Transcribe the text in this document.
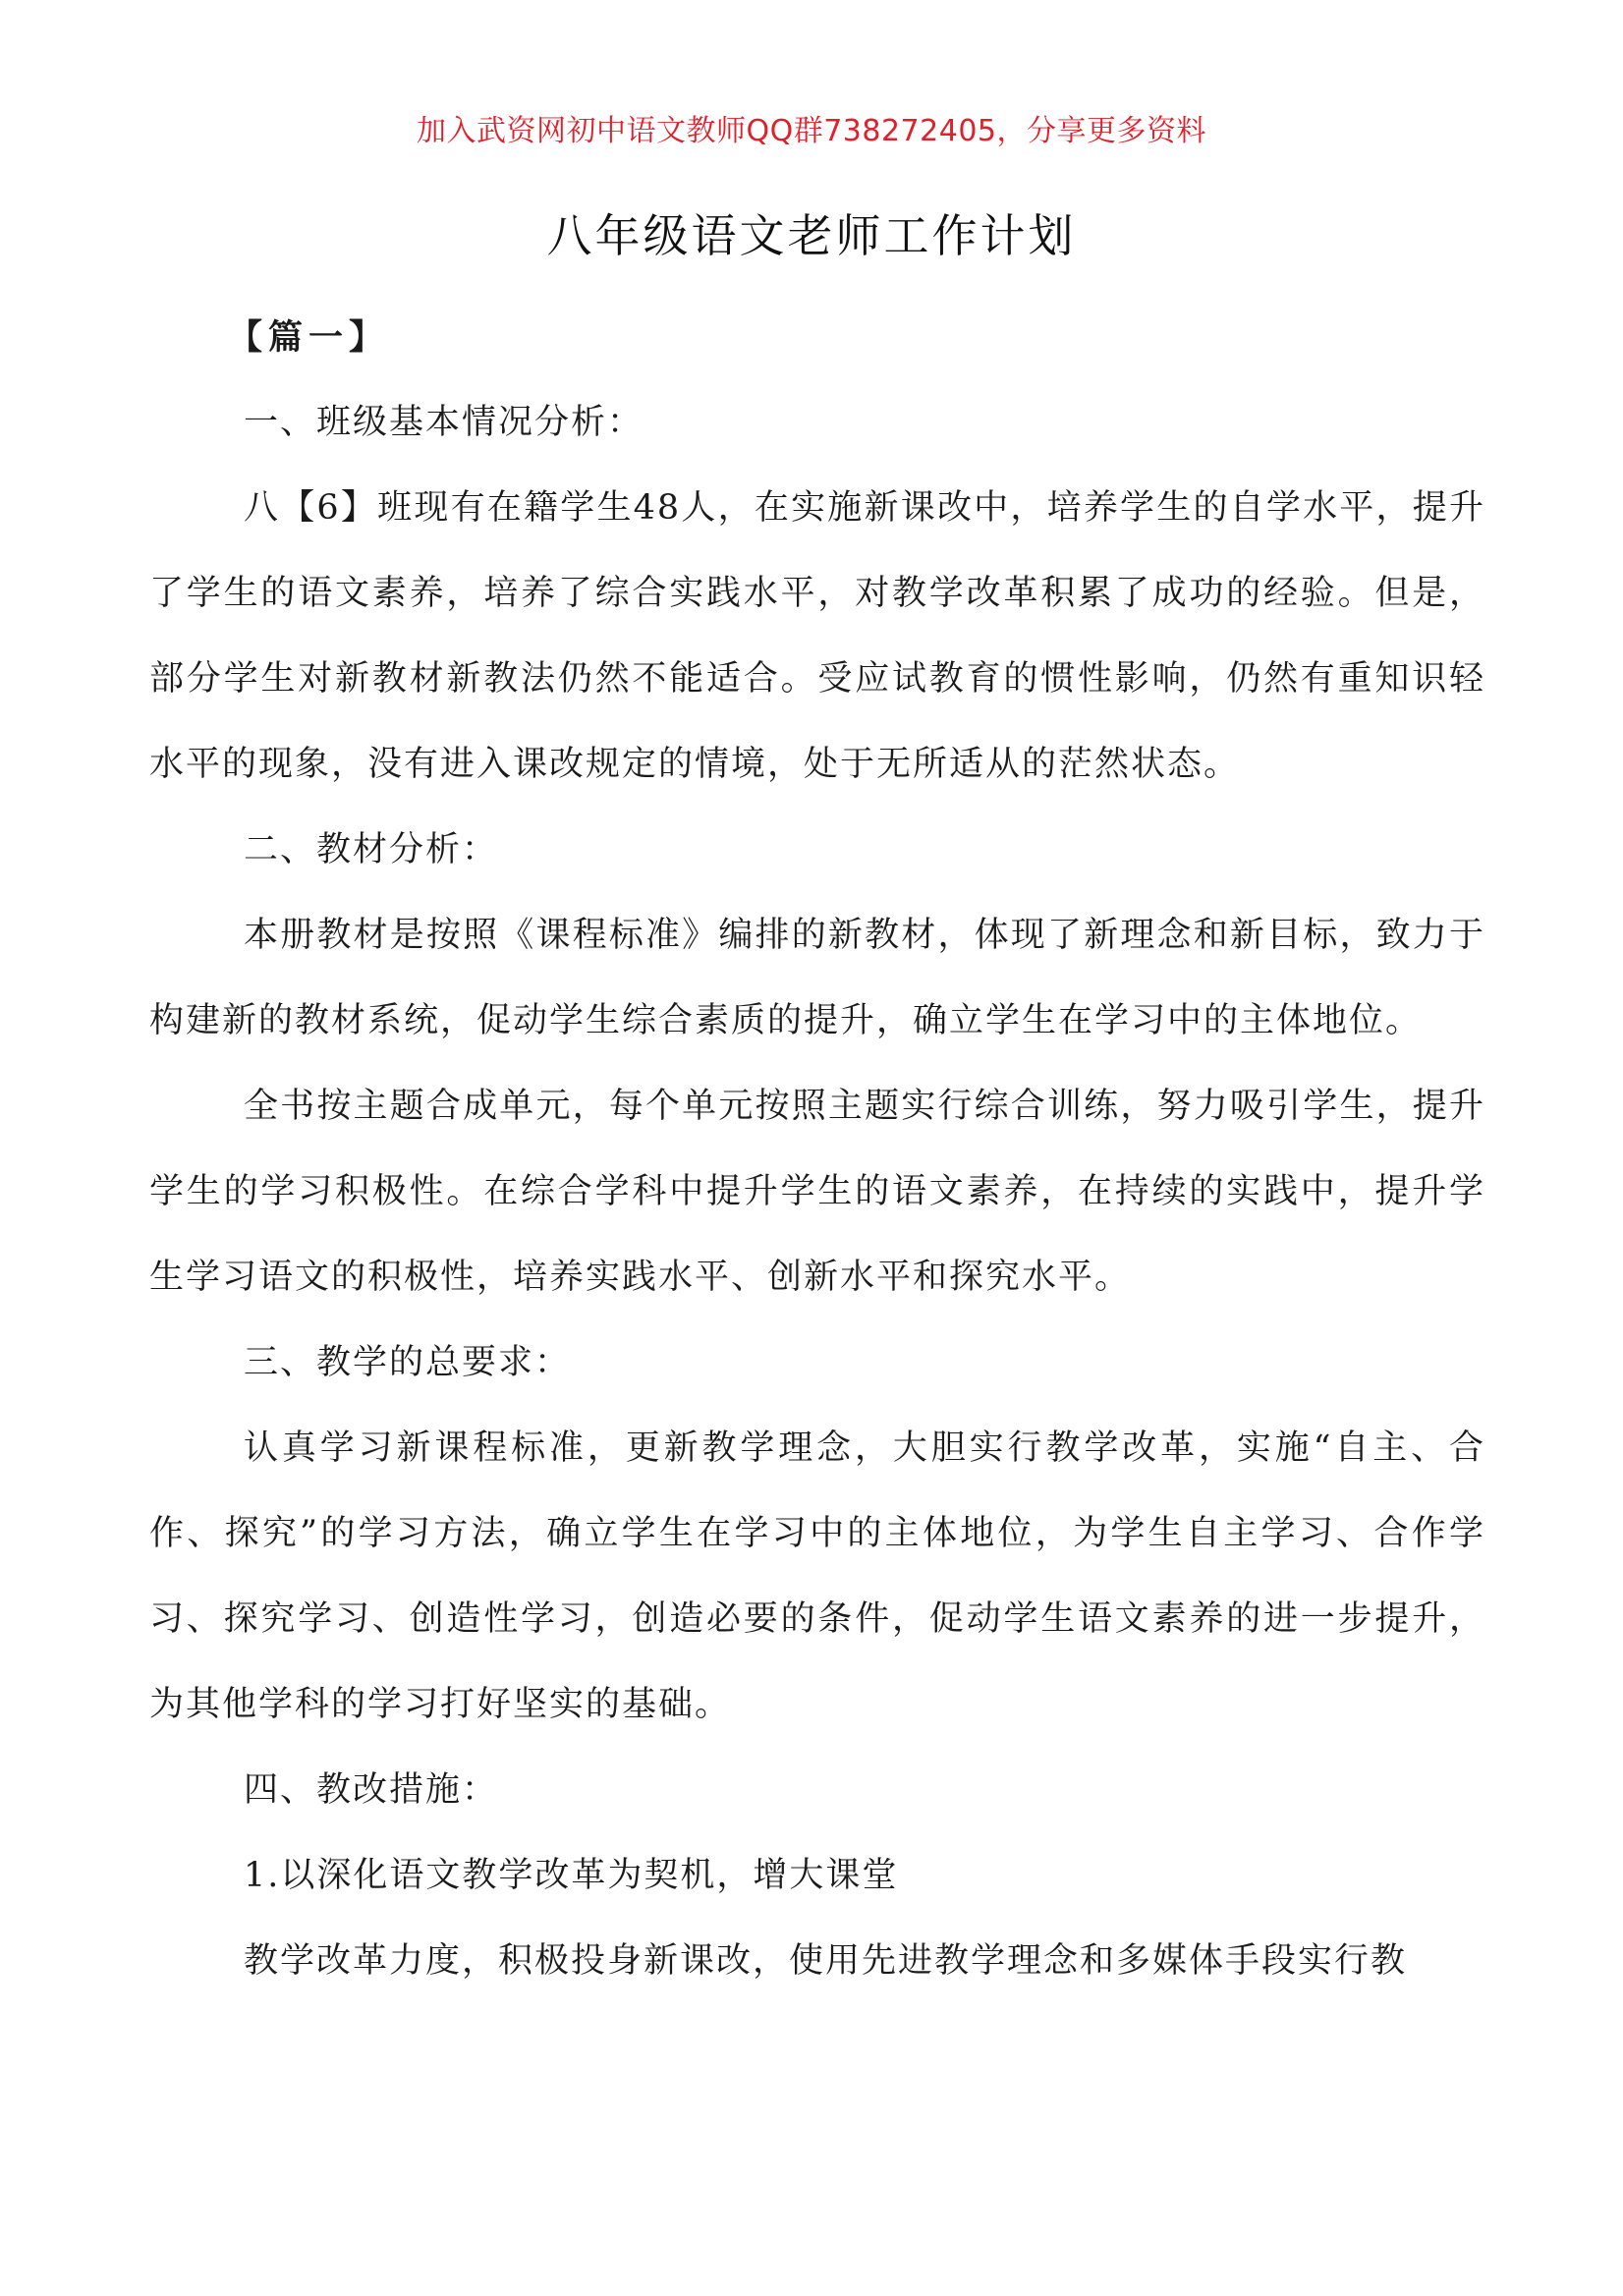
加入武资网初中语文教师QQ群738272405，分享更多资料
八年级语文老师工作计划

【篇一】

一、班级基本情况分析：

八【6】班现有在籍学生48人，在实施新课改中，培养学生的自学水平，提升了学生的语文素养，培养了综合实践水平，对教学改革积累了成功的经验。但是，部分学生对新教材新教法仍然不能适合。受应试教育的惯性影响，仍然有重知识轻水平的现象，没有进入课改规定的情境，处于无所适从的茫然状态。

二、教材分析：

本册教材是按照《课程标准》编排的新教材，体现了新理念和新目标，致力于构建新的教材系统，促动学生综合素质的提升，确立学生在学习中的主体地位。

全书按主题合成单元，每个单元按照主题实行综合训练，努力吸引学生，提升学生的学习积极性。在综合学科中提升学生的语文素养，在持续的实践中，提升学生学习语文的积极性，培养实践水平、创新水平和探究水平。

三、教学的总要求：

认真学习新课程标准，更新教学理念，大胆实行教学改革，实施“自主、合作、探究”的学习方法，确立学生在学习中的主体地位，为学生自主学习、合作学习、探究学习、创造性学习，创造必要的条件，促动学生语文素养的进一步提升，为其他学科的学习打好坚实的基础。

四、教改措施：

1.以深化语文教学改革为契机，增大课堂

教学改革力度，积极投身新课改，使用先进教学理念和多媒体手段实行教
